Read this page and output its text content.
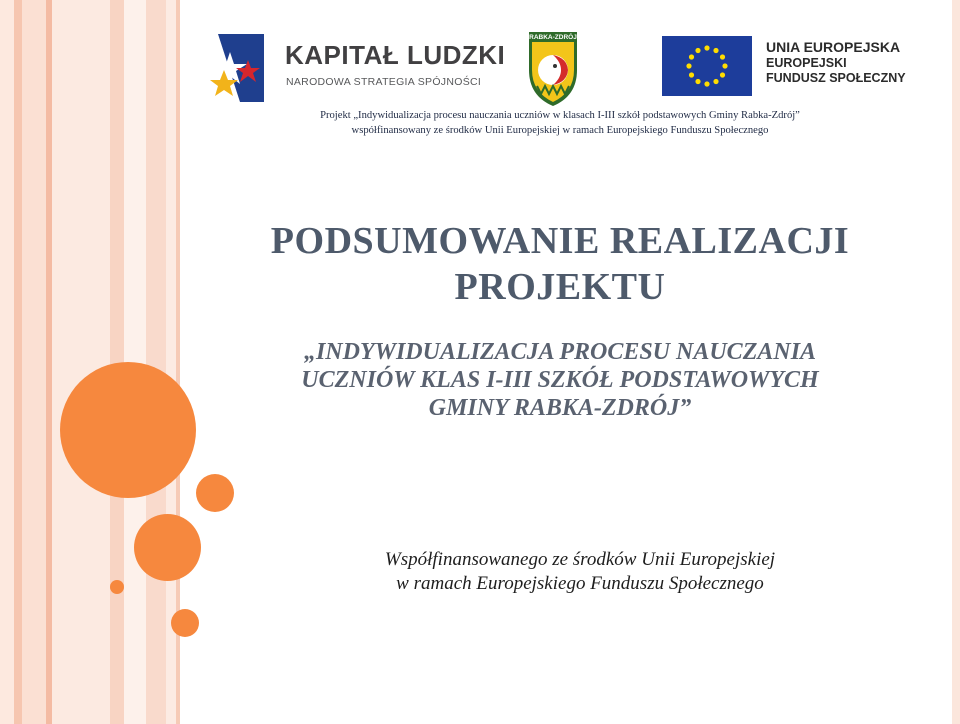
KAPITAŁ LUDZKI
NARODOWA STRATEGIA SPÓJNOŚCI
RABKA-ZDRÓJ
UNIA EUROPEJSKA
EUROPEJSKI
FUNDUSZ SPOŁECZNY
Projekt „Indywidualizacja procesu nauczania uczniów w klasach I-III szkół podstawowych Gminy Rabka-Zdrój”
współfinansowany ze środków Unii Europejskiej w ramach Europejskiego Funduszu Społecznego
PODSUMOWANIE REALIZACJI
PROJEKTU
„INDYWIDUALIZACJA PROCESU NAUCZANIA
UCZNIÓW KLAS I-III SZKÓŁ PODSTAWOWYCH
GMINY RABKA-ZDRÓJ”
Współfinansowanego ze środków Unii Europejskiej
w ramach Europejskiego Funduszu Społecznego
